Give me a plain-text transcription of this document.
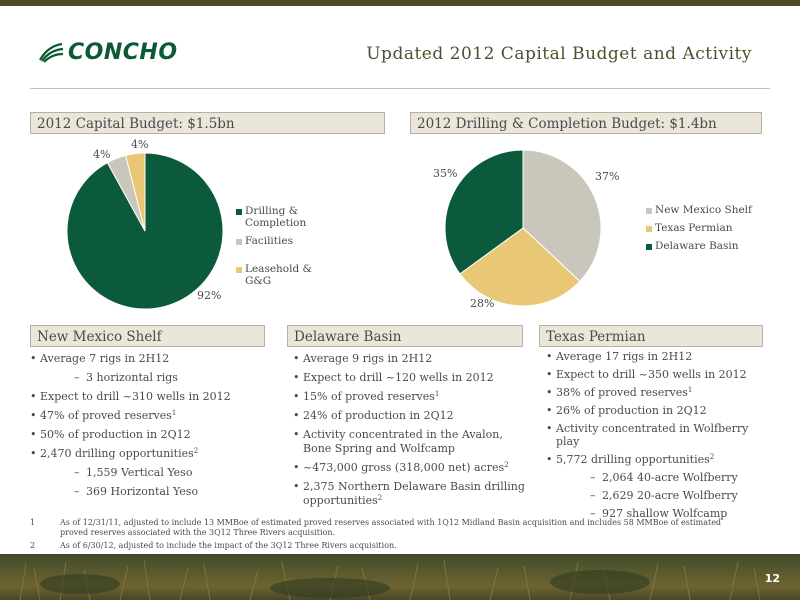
CONCHO	Updated 2012 Capital Budget and Activity
2012 Capital Budget: $1.5bn
4%
4%
92%
Drilling & Completion
Facilities
Leasehold & G&G
2012 Drilling & Completion Budget: $1.4bn
37%
28%
35%
New Mexico Shelf
Texas Permian
Delaware Basin
New Mexico Shelf	Delaware Basin	Texas Permian
• Average 7 rigs in 2H12
– 3 horizontal rigs
• Expect to drill ~310 wells in 2012
• 47% of proved reserves$^1$
• 50% of production in 2Q12
• 2,470 drilling opportunities$^2$
– 1,559 Vertical Yeso
– 369 Horizontal Yeso
• Average 9 rigs in 2H12
• Expect to drill ~120 wells in 2012
• 15% of proved reserves$^1$
• 24% of production in 2Q12
• Activity concentrated in the Avalon, Bone Spring and Wolfcamp
• ~473,000 gross (318,000 net) acres$^2$
• 2,375 Northern Delaware Basin drilling opportunities$^2$
• Average 17 rigs in 2H12
• Expect to drill ~350 wells in 2012
• 38% of proved reserves$^1$
• 26% of production in 2Q12
• Activity concentrated in Wolfberry play
• 5,772 drilling opportunities$^2$
– 2,064 40-acre Wolfberry
– 2,629 20-acre Wolfberry
– 927 shallow Wolfcamp
1	As of 12/31/11, adjusted to include 13 MMBoe of estimated proved reserves associated with 1Q12 Midland Basin acquisition and includes 58 MMBoe of estimated proved reserves associated with the 3Q12 Three Rivers acquisition.
2	As of 6/30/12, adjusted to include the impact of the 3Q12 Three Rivers acquisition.
12
